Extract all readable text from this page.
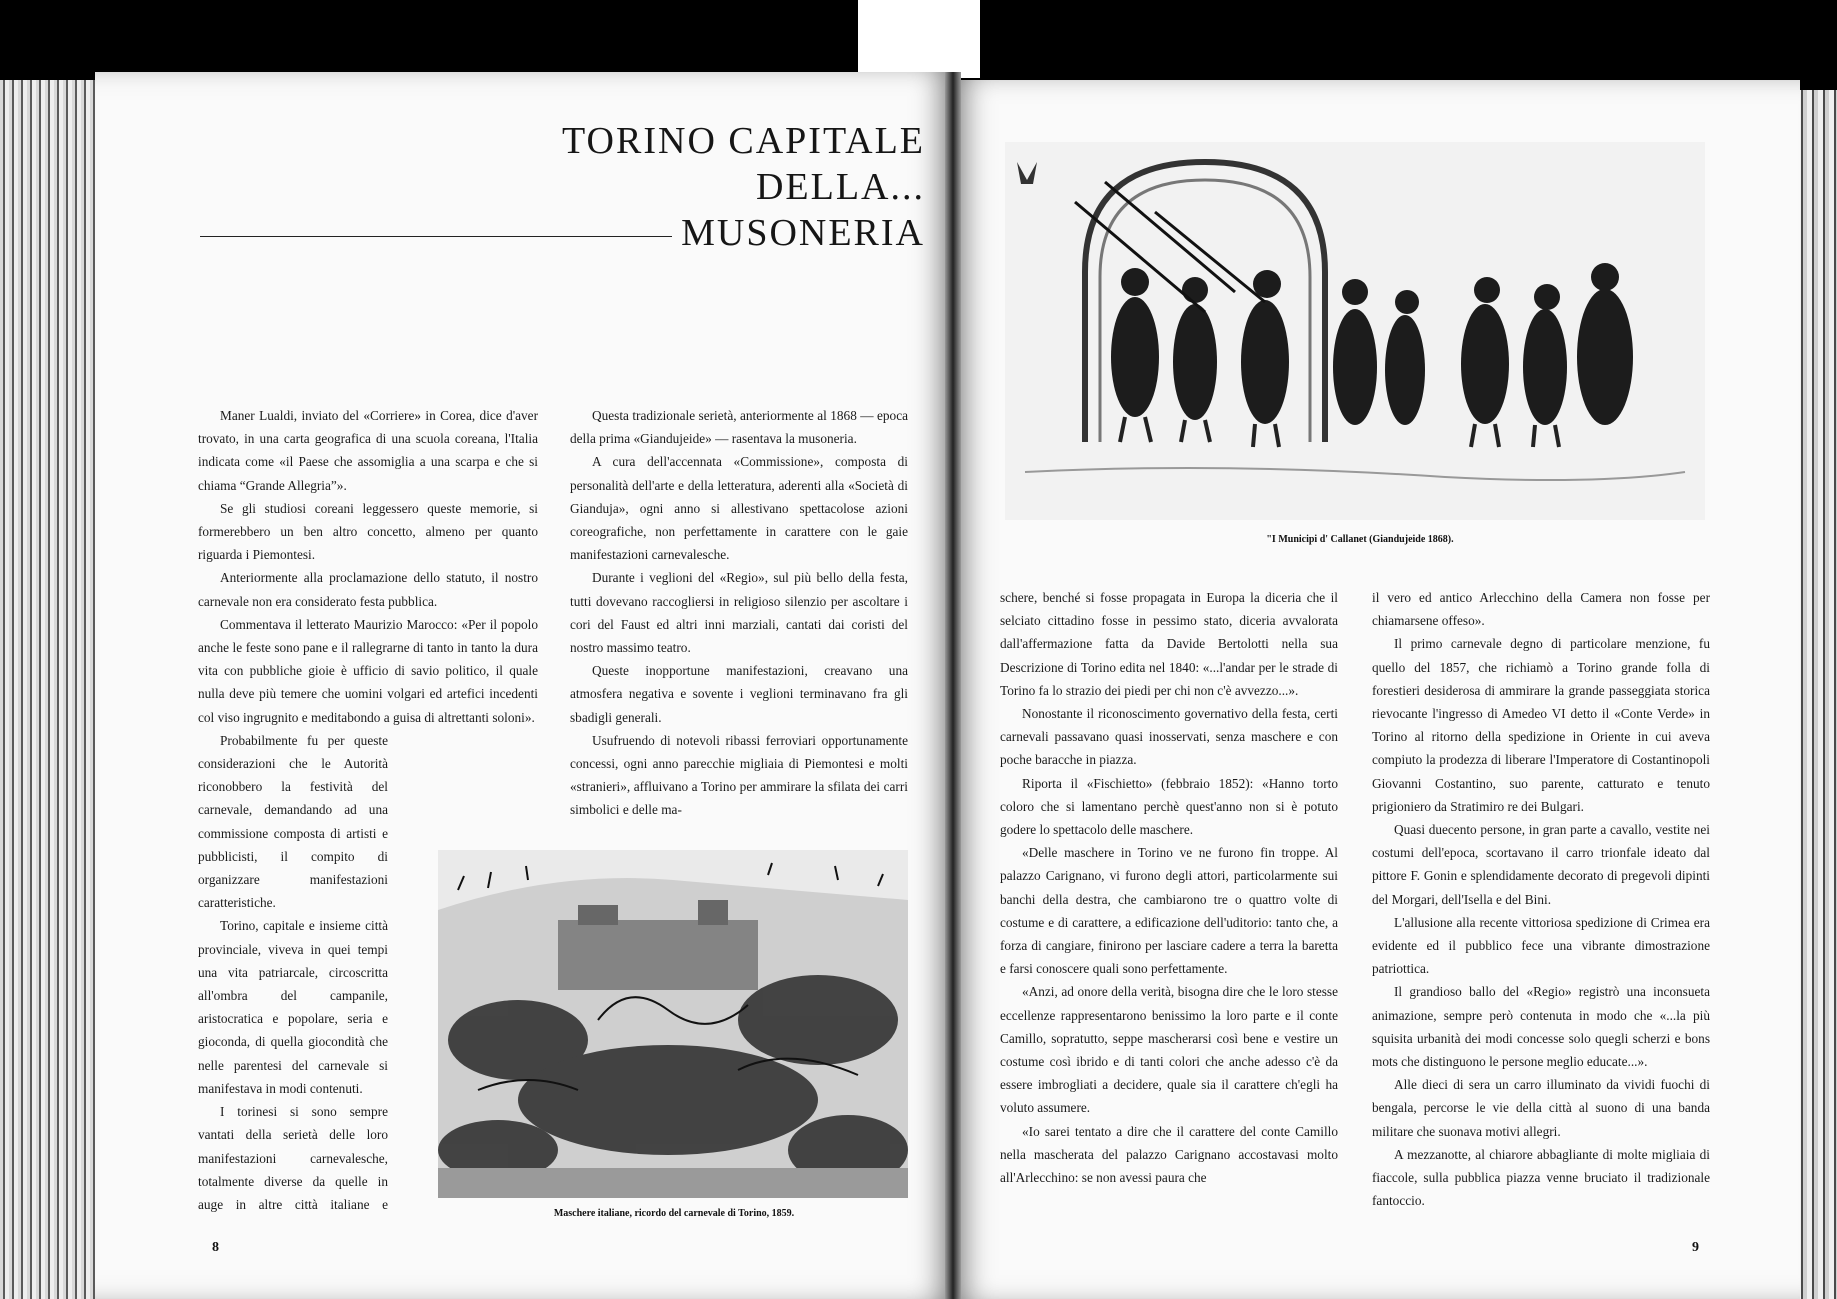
TORINO CAPITALE
DELLA... MUSONERIA

Maner Lualdi, inviato del «Corriere» in Corea, dice d'aver trovato, in una carta geografica di una scuola coreana, l'Italia indicata come «il Paese che assomiglia a una scarpa e che si chiama “Grande Allegria”».

Se gli studiosi coreani leggessero queste memorie, si formerebbero un ben altro concetto, almeno per quanto riguarda i Piemontesi.

Anteriormente alla proclamazione dello statuto, il nostro carnevale non era considerato festa pubblica.

Commentava il letterato Maurizio Marocco: «Per il popolo anche le feste sono pane e il rallegrarne di tanto in tanto la dura vita con pubbliche gioie è ufficio di savio politico, il quale nulla deve più temere che uomini volgari ed artefici incedenti col viso ingrugnito e meditabondo a guisa di altrettanti soloni».

Probabilmente fu per queste considerazioni che le Autorità riconobbero la festività del carnevale, demandando ad una commissione composta di artisti e pubblicisti, il compito di organizzare manifestazioni caratteristiche.

Torino, capitale e insieme città provinciale, viveva in quei tempi una vita patriarcale, circoscritta all'ombra del campanile, aristocratica e popolare, seria e gioconda, di quella giocondità che nelle parentesi del carnevale si manifestava in modi contenuti.

I torinesi si sono sempre vantati della serietà delle loro manifestazioni carnevalesche, totalmente diverse da quelle in auge in altre città italiane e

Questa tradizionale serietà, anteriormente al 1868 — epoca della prima «Giandujeide» — rasentava la musoneria.

A cura dell'accennata «Commissione», composta di personalità dell'arte e della letteratura, aderenti alla «Società di Gianduja», ogni anno si allestivano spettacolose azioni coreografiche, non perfettamente in carattere con le gaie manifestazioni carnevalesche.

Durante i veglioni del «Regio», sul più bello della festa, tutti dovevano raccogliersi in religioso silenzio per ascoltare i cori del Faust ed altri inni marziali, cantati dai coristi del nostro massimo teatro.

Queste inopportune manifestazioni, creavano una atmosfera negativa e sovente i veglioni terminavano fra gli sbadigli generali.

Usufruendo di notevoli ribassi ferroviari opportunamente concessi, ogni anno parecchie migliaia di Piemontesi e molti «stranieri», affluivano a Torino per ammirare la sfilata dei carri simbolici e delle ma-

Maschere italiane, ricordo del carnevale di Torino, 1859.
8
"I Municipi d' Callanet (Giandujeide 1868).

schere, benché si fosse propagata in Europa la diceria che il selciato cittadino fosse in pessimo stato, diceria avvalorata dall'affermazione fatta da Davide Bertolotti nella sua Descrizione di Torino edita nel 1840: «...l'andar per le strade di Torino fa lo strazio dei piedi per chi non c'è avvezzo...».

Nonostante il riconoscimento governativo della festa, certi carnevali passavano quasi inosservati, senza maschere e con poche baracche in piazza.

Riporta il «Fischietto» (febbraio 1852): «Hanno torto coloro che si lamentano perchè quest'anno non si è potuto godere lo spettacolo delle maschere.

«Delle maschere in Torino ve ne furono fin troppe. Al palazzo Carignano, vi furono degli attori, particolarmente sui banchi della destra, che cambiarono tre o quattro volte di costume e di carattere, a edificazione dell'uditorio: tanto che, a forza di cangiare, finirono per lasciare cadere a terra la baretta e farsi conoscere quali sono perfettamente.

«Anzi, ad onore della verità, bisogna dire che le loro stesse eccellenze rappresentarono benissimo la loro parte e il conte Camillo, sopratutto, seppe mascherarsi così bene e vestire un costume così ibrido e di tanti colori che anche adesso c'è da essere imbrogliati a decidere, quale sia il carattere ch'egli ha voluto assumere.

«Io sarei tentato a dire che il carattere del conte Camillo nella mascherata del palazzo Carignano accostavasi molto all'Arlecchino: se non avessi paura che

il vero ed antico Arlecchino della Camera non fosse per chiamarsene offeso».

Il primo carnevale degno di particolare menzione, fu quello del 1857, che richiamò a Torino grande folla di forestieri desiderosa di ammirare la grande passeggiata storica rievocante l'ingresso di Amedeo VI detto il «Conte Verde» in Torino al ritorno della spedizione in Oriente in cui aveva compiuto la prodezza di liberare l'Imperatore di Costantinopoli Giovanni Costantino, suo parente, catturato e tenuto prigioniero da Stratimiro re dei Bulgari.

Quasi duecento persone, in gran parte a cavallo, vestite nei costumi dell'epoca, scortavano il carro trionfale ideato dal pittore F. Gonin e splendidamente decorato di pregevoli dipinti del Morgari, dell'Isella e del Bini.

L'allusione alla recente vittoriosa spedizione di Crimea era evidente ed il pubblico fece una vibrante dimostrazione patriottica.

Il grandioso ballo del «Regio» registrò una inconsueta animazione, sempre però contenuta in modo che «...la più squisita urbanità dei modi concesse solo quegli scherzi e bons mots che distinguono le persone meglio educate...».

Alle dieci di sera un carro illuminato da vividi fuochi di bengala, percorse le vie della città al suono di una banda militare che suonava motivi allegri.

A mezzanotte, al chiarore abbagliante di molte migliaia di fiaccole, sulla pubblica piazza venne bruciato il tradizionale fantoccio.

9
